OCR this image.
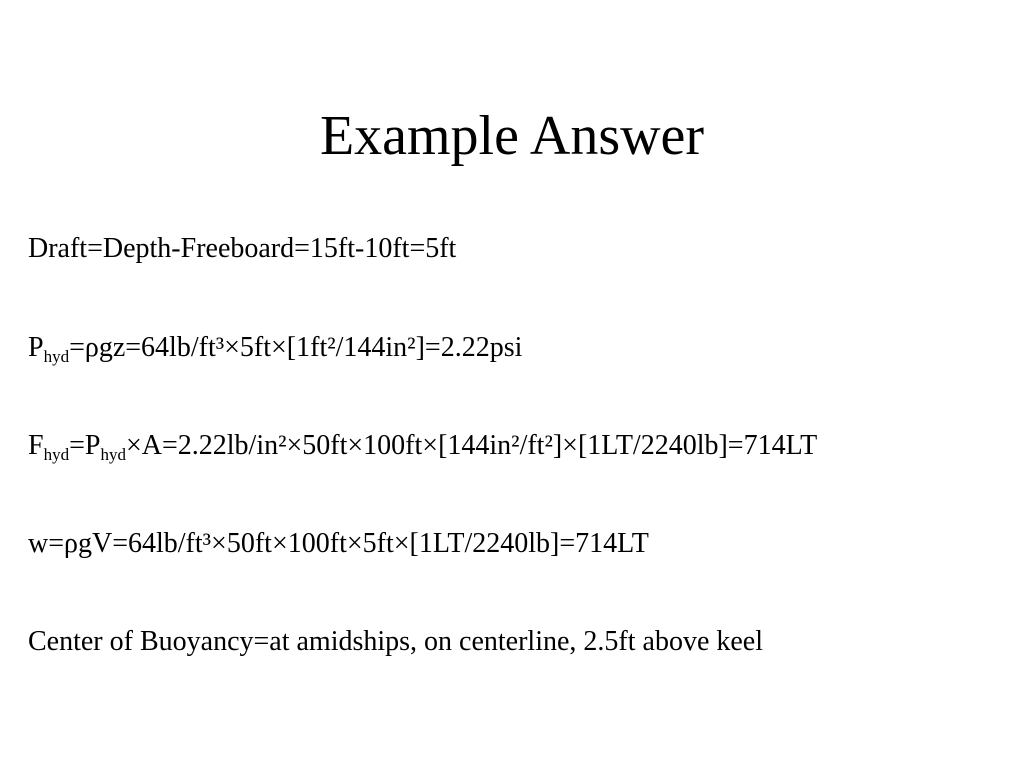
Example Answer
Draft=Depth-Freeboard=15ft-10ft=5ft
$P_{hyd}=\rho gz=64lb/ft^3\times 5ft\times[1ft^2/144in^2]=2.22psi$
$F_{hyd}=P_{hyd}\times A=2.22lb/in^2\times 50ft\times 100ft\times[144in^2/ft^2]\times[1LT/2240lb]=714LT$
w=ρgV=64lb/ft³×50ft×100ft×5ft×[1LT/2240lb]=714LT
Center of Buoyancy=at amidships, on centerline, 2.5ft above keel
